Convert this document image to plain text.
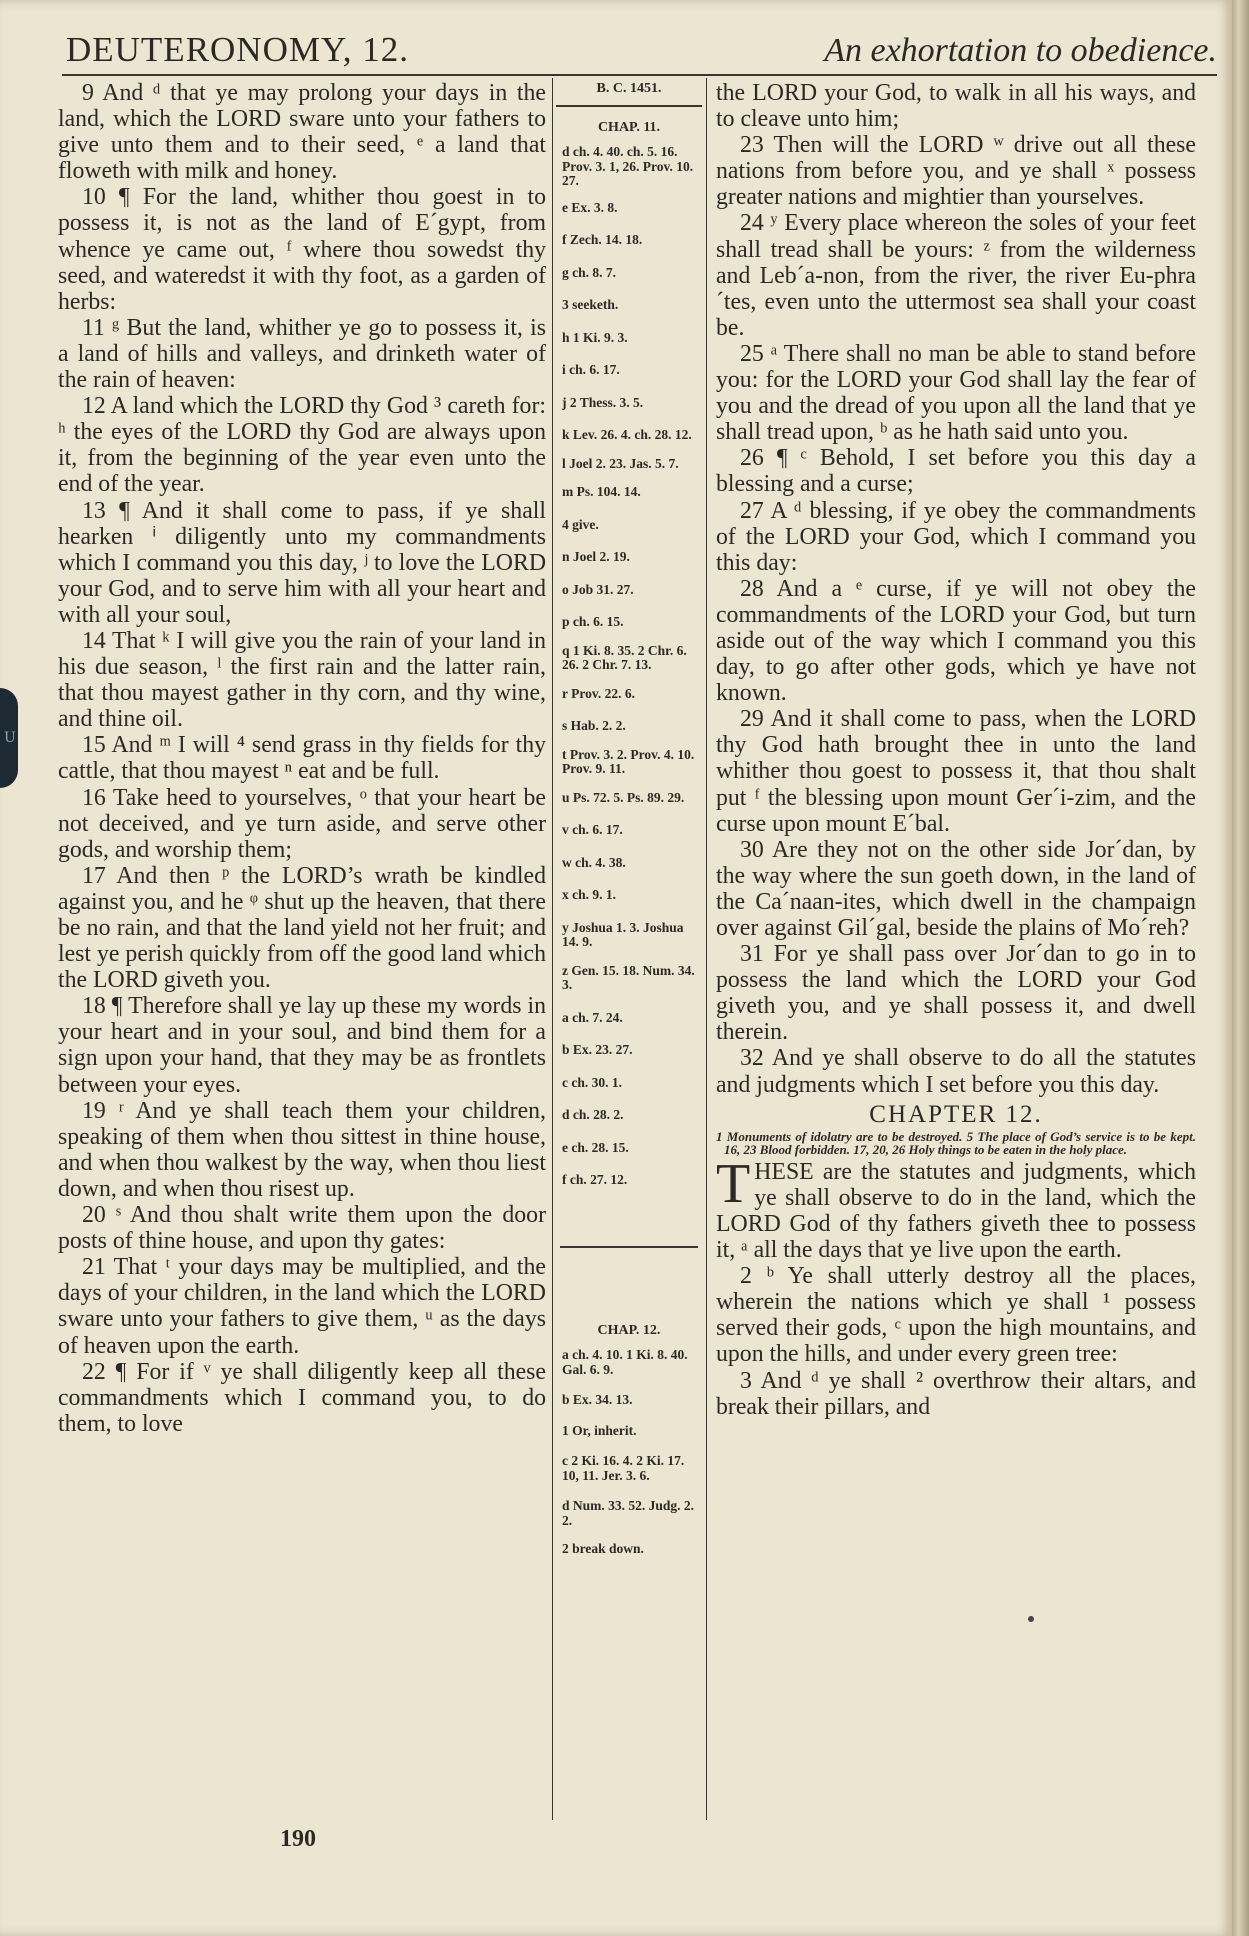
U
DEUTERONOMY, 12.	An exhortation to obedience.

9 And ᵈ that ye may prolong your days in the land, which the LORD sware unto your fathers to give unto them and to their seed, ᵉ a land that floweth with milk and honey.

10 ¶ For the land, whither thou goest in to possess it, is not as the land of E´gypt, from whence ye came out, ᶠ where thou sowedst thy seed, and wateredst it with thy foot, as a garden of herbs:

11 ᵍ But the land, whither ye go to possess it, is a land of hills and valleys, and drinketh water of the rain of heaven:

12 A land which the LORD thy God ³ careth for: ʰ the eyes of the LORD thy God are always upon it, from the beginning of the year even unto the end of the year.

13 ¶ And it shall come to pass, if ye shall hearken ⁱ diligently unto my commandments which I command you this day, ʲ to love the LORD your God, and to serve him with all your heart and with all your soul,

14 That ᵏ I will give you the rain of your land in his due season, ˡ the first rain and the latter rain, that thou mayest gather in thy corn, and thy wine, and thine oil.

15 And ᵐ I will ⁴ send grass in thy fields for thy cattle, that thou mayest ⁿ eat and be full.

16 Take heed to yourselves, ᵒ that your heart be not deceived, and ye turn aside, and serve other gods, and worship them;

17 And then ᵖ the LORD’s wrath be kindled against you, and he ᵠ shut up the heaven, that there be no rain, and that the land yield not her fruit; and lest ye perish quickly from off the good land which the LORD giveth you.

18 ¶ Therefore shall ye lay up these my words in your heart and in your soul, and bind them for a sign upon your hand, that they may be as frontlets between your eyes.

19 ʳ And ye shall teach them your children, speaking of them when thou sittest in thine house, and when thou walkest by the way, when thou liest down, and when thou risest up.

20 ˢ And thou shalt write them upon the door posts of thine house, and upon thy gates:

21 That ᵗ your days may be multiplied, and the days of your children, in the land which the LORD sware unto your fathers to give them, ᵘ as the days of heaven upon the earth.

22 ¶ For if ᵛ ye shall diligently keep all these commandments which I command you, to do them, to love

B. C. 1451.
CHAP. 11.
d ch. 4. 40. ch. 5. 16. Prov. 3. 1, 26. Prov. 10. 27.
e Ex. 3. 8.
f Zech. 14. 18.
g ch. 8. 7.
3 seeketh.
h 1 Ki. 9. 3.
i ch. 6. 17.
j 2 Thess. 3. 5.
k Lev. 26. 4. ch. 28. 12.
l Joel 2. 23. Jas. 5. 7.
m Ps. 104. 14.
4 give.
n Joel 2. 19.
o Job 31. 27.
p ch. 6. 15.
q 1 Ki. 8. 35. 2 Chr. 6. 26. 2 Chr. 7. 13.
r Prov. 22. 6.
s Hab. 2. 2.
t Prov. 3. 2. Prov. 4. 10. Prov. 9. 11.
u Ps. 72. 5. Ps. 89. 29.
v ch. 6. 17.
w ch. 4. 38.
x ch. 9. 1.
y Joshua 1. 3. Joshua 14. 9.
z Gen. 15. 18. Num. 34. 3.
a ch. 7. 24.
b Ex. 23. 27.
c ch. 30. 1.
d ch. 28. 2.
e ch. 28. 15.
f ch. 27. 12.
CHAP. 12.
a ch. 4. 10. 1 Ki. 8. 40. Gal. 6. 9.
b Ex. 34. 13.
1 Or, inherit.
c 2 Ki. 16. 4. 2 Ki. 17. 10, 11. Jer. 3. 6.
d Num. 33. 52. Judg. 2. 2.
2 break down.

the LORD your God, to walk in all his ways, and to cleave unto him;

23 Then will the LORD ʷ drive out all these nations from before you, and ye shall ˣ possess greater nations and mightier than yourselves.

24 ʸ Every place whereon the soles of your feet shall tread shall be yours: ᶻ from the wilderness and Leb´a-non, from the river, the river Eu-phra´tes, even unto the uttermost sea shall your coast be.

25 ᵃ There shall no man be able to stand before you: for the LORD your God shall lay the fear of you and the dread of you upon all the land that ye shall tread upon, ᵇ as he hath said unto you.

26 ¶ ᶜ Behold, I set before you this day a blessing and a curse;

27 A ᵈ blessing, if ye obey the commandments of the LORD your God, which I command you this day:

28 And a ᵉ curse, if ye will not obey the commandments of the LORD your God, but turn aside out of the way which I command you this day, to go after other gods, which ye have not known.

29 And it shall come to pass, when the LORD thy God hath brought thee in unto the land whither thou goest to possess it, that thou shalt put ᶠ the blessing upon mount Ger´i-zim, and the curse upon mount E´bal.

30 Are they not on the other side Jor´dan, by the way where the sun goeth down, in the land of the Ca´naan-ites, which dwell in the champaign over against Gil´gal, beside the plains of Mo´reh?

31 For ye shall pass over Jor´dan to go in to possess the land which the LORD your God giveth you, and ye shall possess it, and dwell therein.

32 And ye shall observe to do all the statutes and judgments which I set before you this day.

CHAPTER 12.
1 Monuments of idolatry are to be destroyed. 5 The place of God’s service is to be kept. 16, 23 Blood forbidden. 17, 20, 26 Holy things to be eaten in the holy place.

THESE are the statutes and judgments, which ye shall observe to do in the land, which the LORD God of thy fathers giveth thee to possess it, ᵃ all the days that ye live upon the earth.

2 ᵇ Ye shall utterly destroy all the places, wherein the nations which ye shall ¹ possess served their gods, ᶜ upon the high mountains, and upon the hills, and under every green tree:

3 And ᵈ ye shall ² overthrow their altars, and break their pillars, and

190
